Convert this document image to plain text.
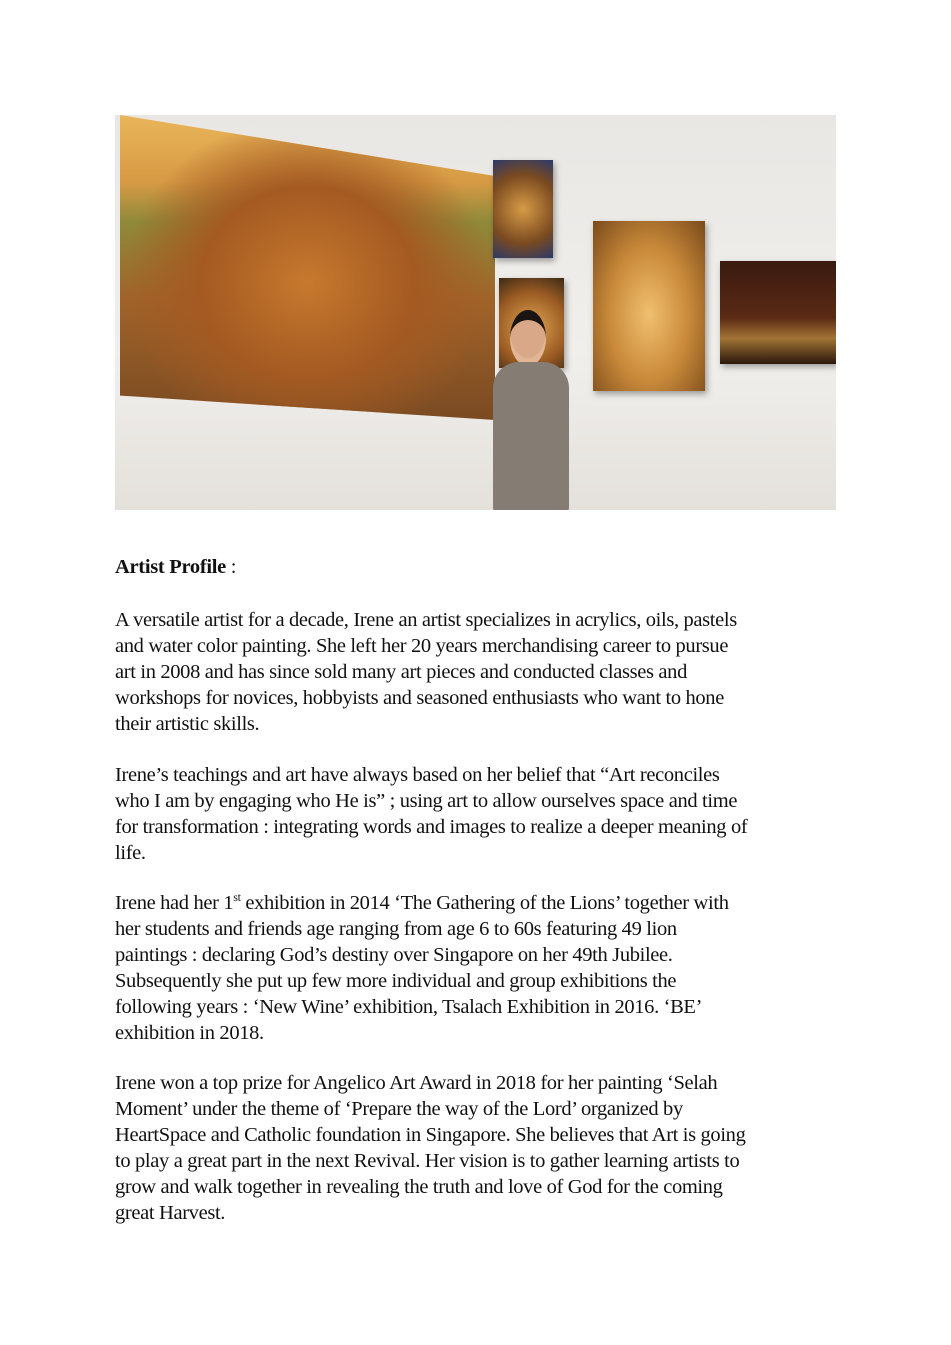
Artist Profile :
A versatile artist for a decade, Irene an artist specializes in acrylics, oils, pastels
and water color painting. She left her 20 years merchandising career to pursue
art in 2008 and has since sold many art pieces and conducted classes and
workshops for novices, hobbyists and seasoned enthusiasts who want to hone
their artistic skills.
Irene’s teachings and art have always based on her belief that “Art reconciles
who I am by engaging who He is” ; using art to allow ourselves space and time
for transformation : integrating words and images to realize a deeper meaning of
life.
Irene had her 1st exhibition in 2014 ‘The Gathering of the Lions’ together with
her students and friends age ranging from age 6 to 60s featuring 49 lion
paintings : declaring God’s destiny over Singapore on her 49th Jubilee.
Subsequently she put up few more individual and group exhibitions the
following years : ‘New Wine’ exhibition, Tsalach Exhibition in 2016. ‘BE’
exhibition in 2018.
Irene won a top prize for Angelico Art Award in 2018 for her painting ‘Selah
Moment’ under the theme of ‘Prepare the way of the Lord’ organized by
HeartSpace and Catholic foundation in Singapore. She believes that Art is going
to play a great part in the next Revival. Her vision is to gather learning artists to
grow and walk together in revealing the truth and love of God for the coming
great Harvest.
